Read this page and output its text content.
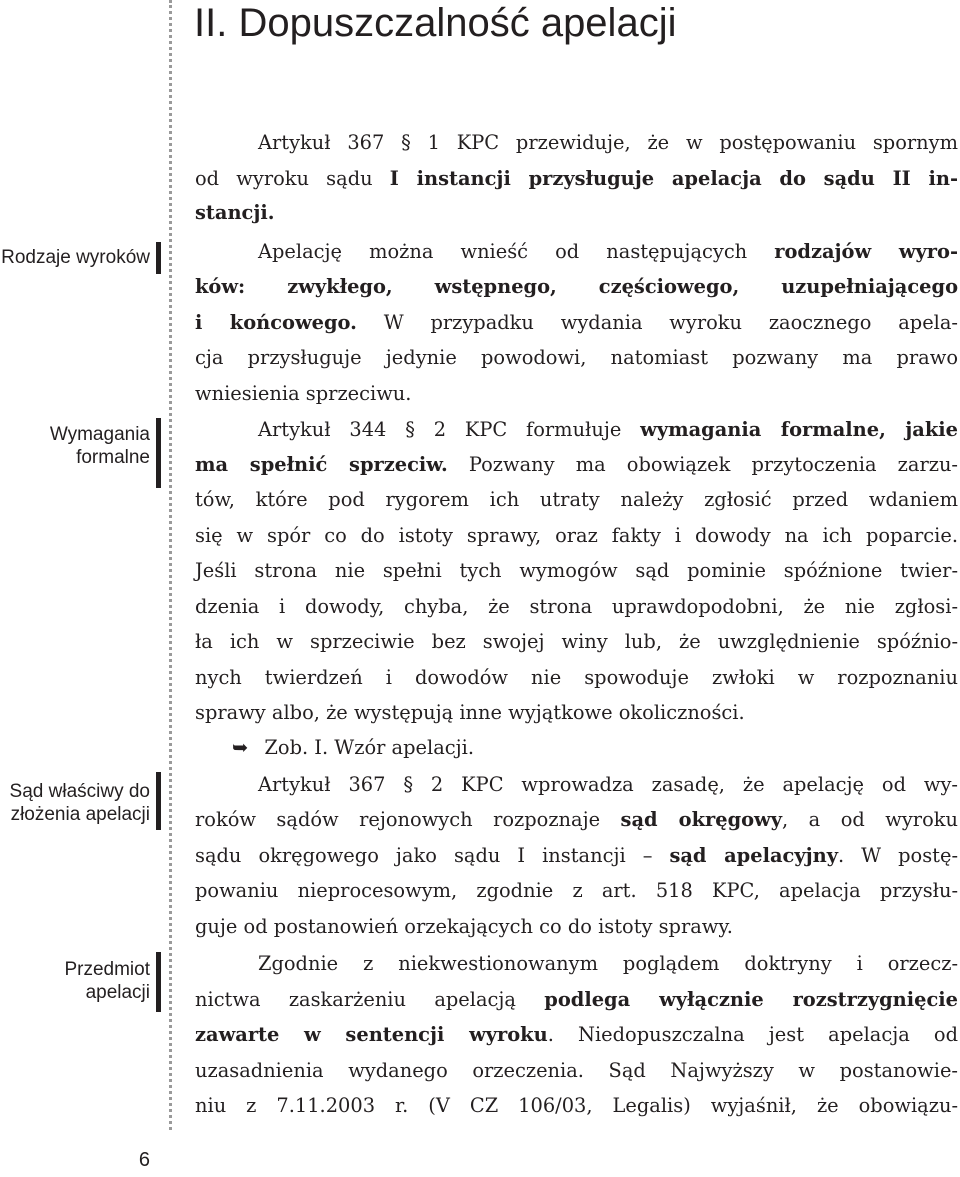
II. Dopuszczalność apelacji
Rodzaje wyroków
Wymagania
formalne
Sąd właściwy do
złożenia apelacji
Przedmiot
apelacji
Artykuł 367 § 1 KPC przewiduje, że w postępowaniu spornym
od wyroku sądu I instancji przysługuje apelacja do sądu II in-
stancji.
Apelację można wnieść od następujących rodzajów wyro-
ków: zwykłego, wstępnego, częściowego, uzupełniającego
i końcowego. W przypadku wydania wyroku zaocznego apela-
cja przysługuje jedynie powodowi, natomiast pozwany ma prawo
wniesienia sprzeciwu.
Artykuł 344 § 2 KPC formułuje wymagania formalne, jakie
ma spełnić sprzeciw. Pozwany ma obowiązek przytoczenia zarzu-
tów, które pod rygorem ich utraty należy zgłosić przed wdaniem
się w spór co do istoty sprawy, oraz fakty i dowody na ich poparcie.
Jeśli strona nie spełni tych wymogów sąd pominie spóźnione twier-
dzenia i dowody, chyba, że strona uprawdopodobni, że nie zgłosi-
ła ich w sprzeciwie bez swojej winy lub, że uwzględnienie spóźnio-
nych twierdzeń i dowodów nie spowoduje zwłoki w rozpoznaniu
sprawy albo, że występują inne wyjątkowe okoliczności.
➥ Zob. I. Wzór apelacji.
Artykuł 367 § 2 KPC wprowadza zasadę, że apelację od wy-
roków sądów rejonowych rozpoznaje sąd okręgowy, a od wyroku
sądu okręgowego jako sądu I instancji – sąd apelacyjny. W postę-
powaniu nieprocesowym, zgodnie z art. 518 KPC, apelacja przysłu-
guje od postanowień orzekających co do istoty sprawy.
Zgodnie z niekwestionowanym poglądem doktryny i orzecz-
nictwa zaskarżeniu apelacją podlega wyłącznie rozstrzygnięcie
zawarte w sentencji wyroku. Niedopuszczalna jest apelacja od
uzasadnienia wydanego orzeczenia. Sąd Najwyższy w postanowie-
niu z 7.11.2003 r. (V CZ 106/03, Legalis) wyjaśnił, że obowiązu-
6
